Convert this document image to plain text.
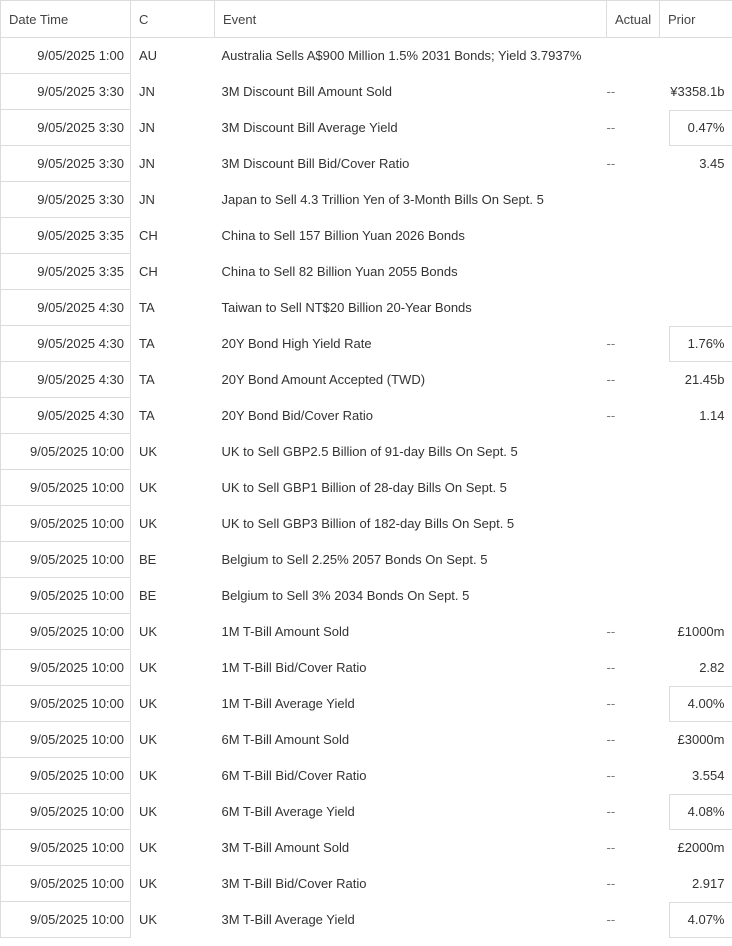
Date Time	C	Event	Actual	Prior
9/05/2025 1:00	AU	Australia Sells A$900 Million 1.5% 2031 Bonds; Yield 3.7937%		
9/05/2025 3:30	JN	3M Discount Bill Amount Sold	--	¥3358.1b
9/05/2025 3:30	JN	3M Discount Bill Average Yield	--	0.47%
9/05/2025 3:30	JN	3M Discount Bill Bid/Cover Ratio	--	3.45
9/05/2025 3:30	JN	Japan to Sell 4.3 Trillion Yen of 3-Month Bills On Sept. 5		
9/05/2025 3:35	CH	China to Sell 157 Billion Yuan 2026 Bonds		
9/05/2025 3:35	CH	China to Sell 82 Billion Yuan 2055 Bonds		
9/05/2025 4:30	TA	Taiwan to Sell NT$20 Billion 20-Year Bonds		
9/05/2025 4:30	TA	20Y Bond High Yield Rate	--	1.76%
9/05/2025 4:30	TA	20Y Bond Amount Accepted (TWD)	--	21.45b
9/05/2025 4:30	TA	20Y Bond Bid/Cover Ratio	--	1.14
9/05/2025 10:00	UK	UK to Sell GBP2.5 Billion of 91-day Bills On Sept. 5		
9/05/2025 10:00	UK	UK to Sell GBP1 Billion of 28-day Bills On Sept. 5		
9/05/2025 10:00	UK	UK to Sell GBP3 Billion of 182-day Bills On Sept. 5		
9/05/2025 10:00	BE	Belgium to Sell 2.25% 2057 Bonds On Sept. 5		
9/05/2025 10:00	BE	Belgium to Sell 3% 2034 Bonds On Sept. 5		
9/05/2025 10:00	UK	1M T-Bill Amount Sold	--	£1000m
9/05/2025 10:00	UK	1M T-Bill Bid/Cover Ratio	--	2.82
9/05/2025 10:00	UK	1M T-Bill Average Yield	--	4.00%
9/05/2025 10:00	UK	6M T-Bill Amount Sold	--	£3000m
9/05/2025 10:00	UK	6M T-Bill Bid/Cover Ratio	--	3.554
9/05/2025 10:00	UK	6M T-Bill Average Yield	--	4.08%
9/05/2025 10:00	UK	3M T-Bill Amount Sold	--	£2000m
9/05/2025 10:00	UK	3M T-Bill Bid/Cover Ratio	--	2.917
9/05/2025 10:00	UK	3M T-Bill Average Yield	--	4.07%
